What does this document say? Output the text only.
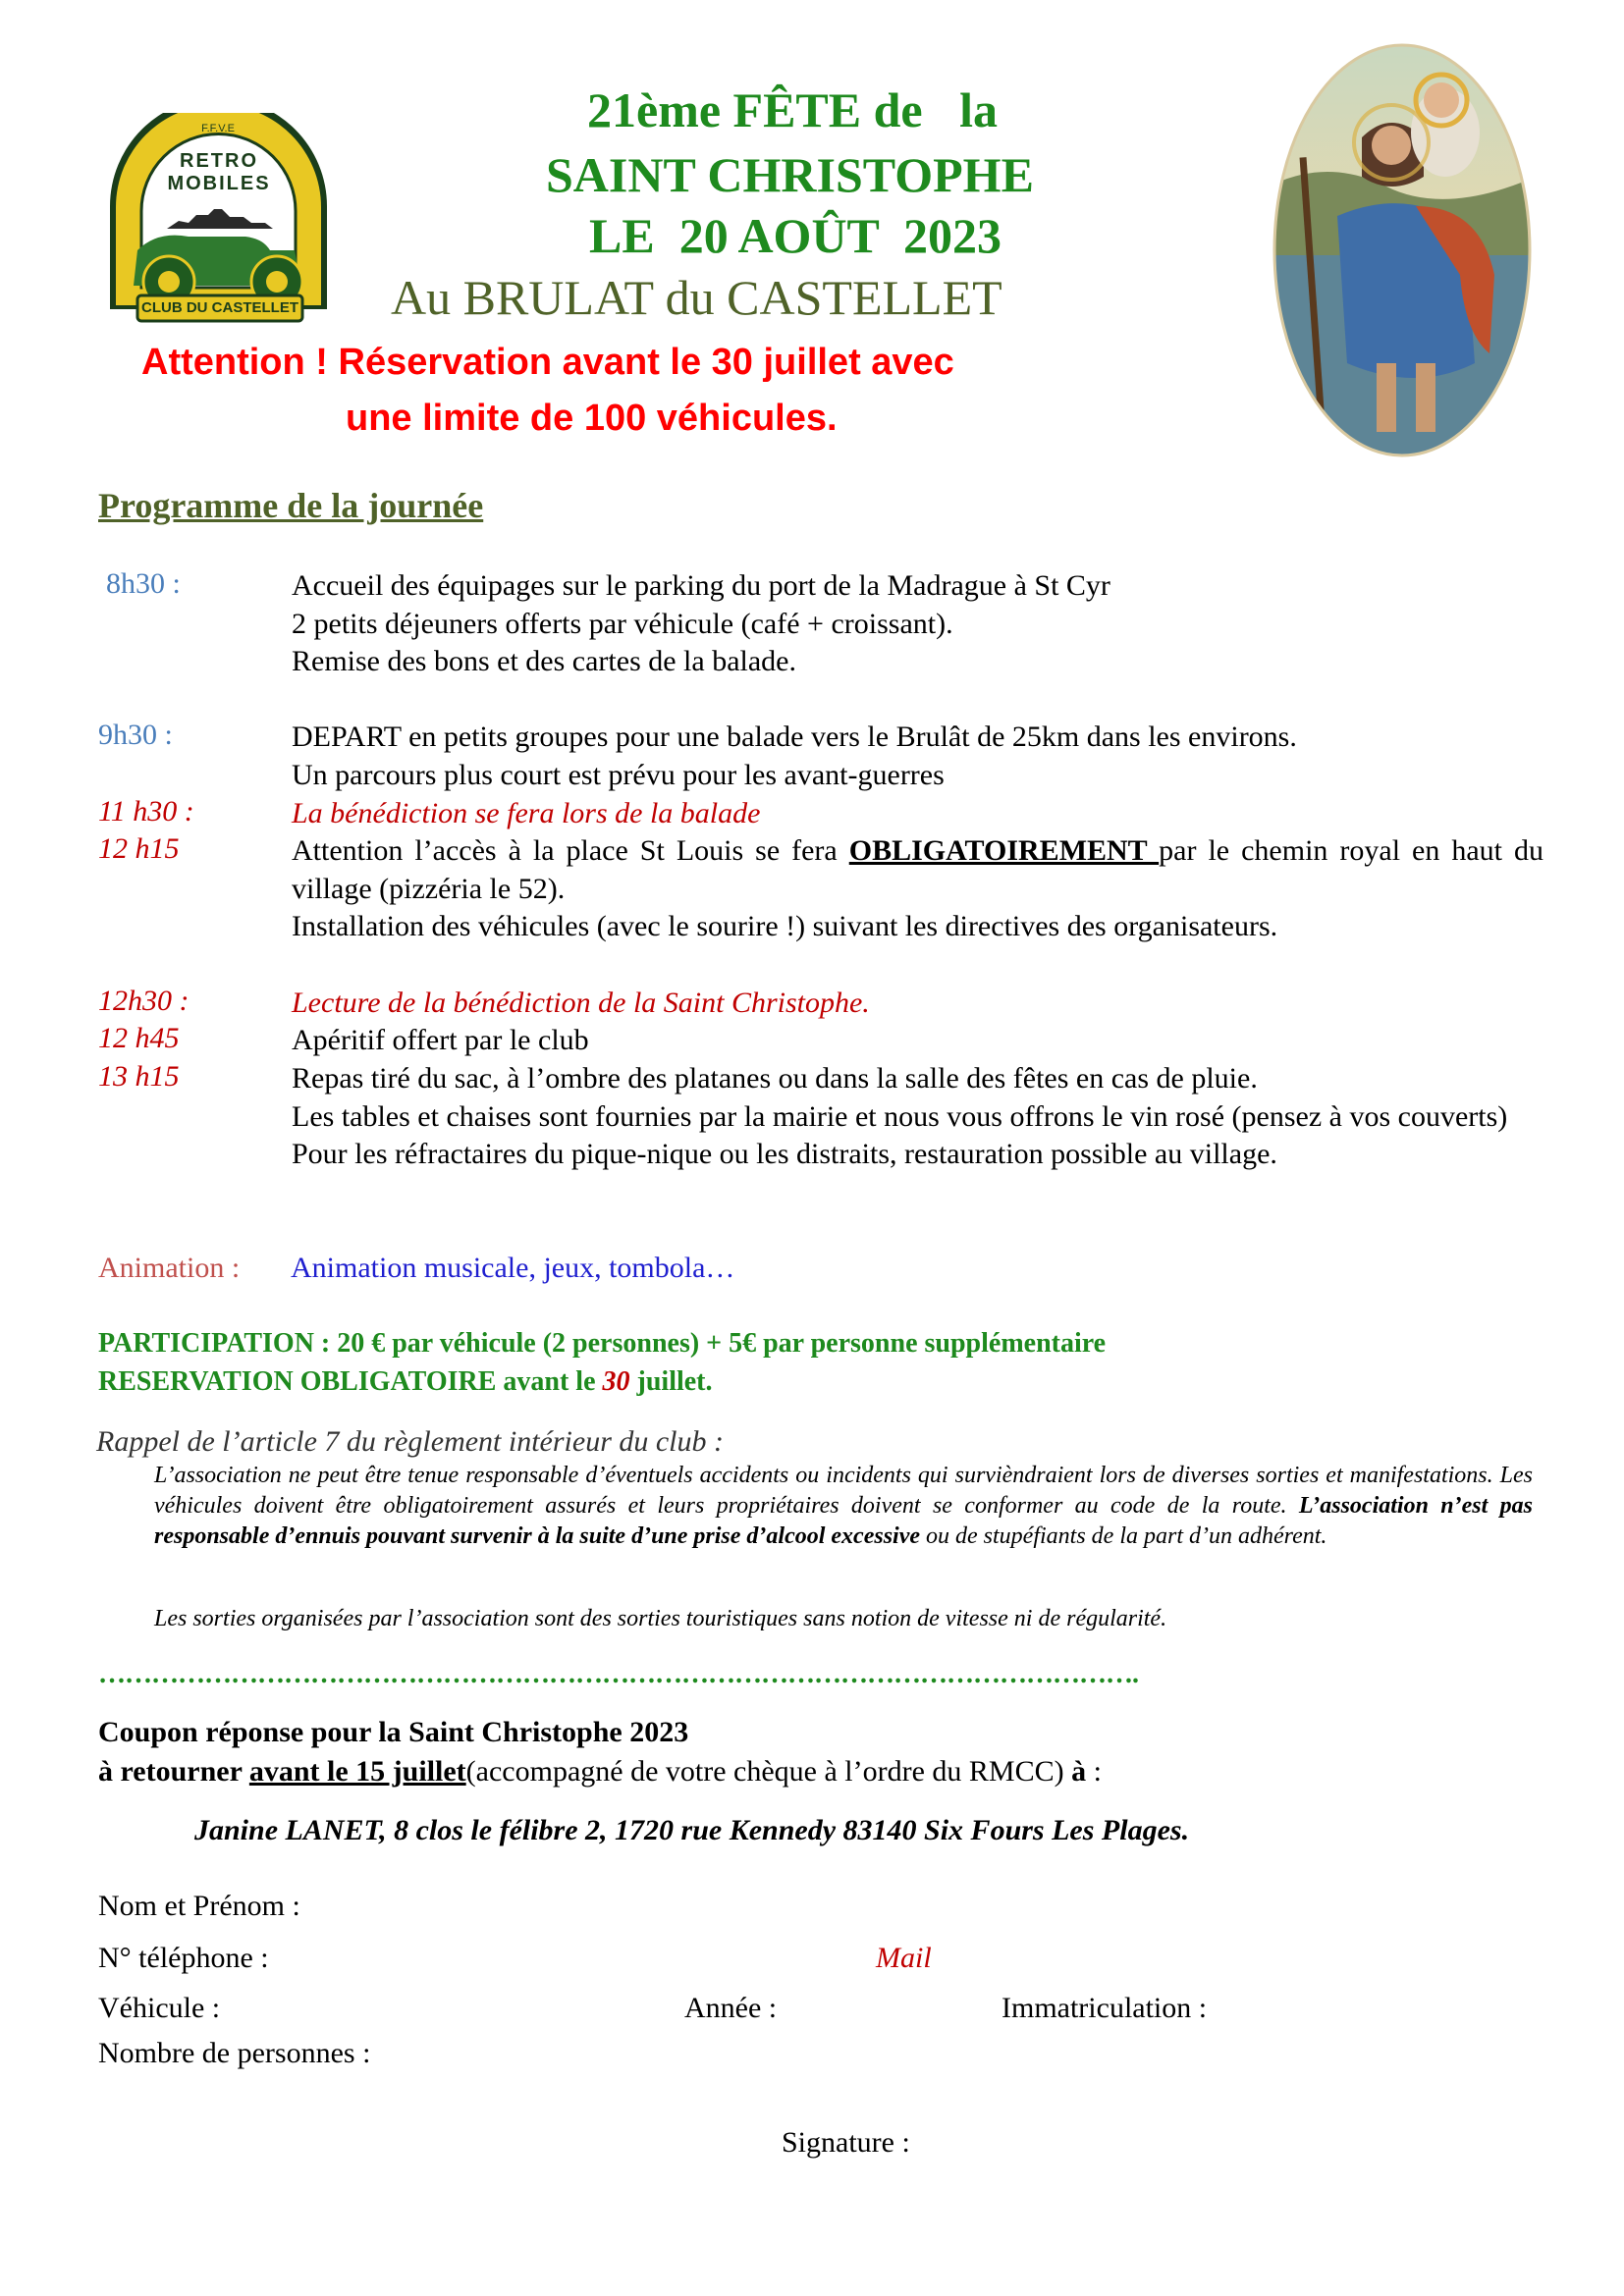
RETRO MOBILES
F.F.V.E
CLUB DU CASTELLET
21ème FÊTE de   la
SAINT CHRISTOPHE
LE  20 AOÛT  2023
Au BRULAT du CASTELLET
Attention ! Réservation avant le 30 juillet avec
une limite de 100 véhicules.
Programme de la journée
8h30 :	Accueil des équipages sur le parking du port de la Madrague à St Cyr
2 petits déjeuners offerts par véhicule (café + croissant).
Remise des bons et des cartes de la balade.
9h30 :	DEPART en petits groupes pour une balade vers le Brulât de 25km dans les environs.
Un parcours plus court est prévu pour les avant-guerres
11 h30 :	La bénédiction se fera lors de la balade
12 h15	Attention l’accès à la place St Louis se fera OBLIGATOIREMENT par le chemin royal en haut du village (pizzéria le 52).
Installation des véhicules (avec le sourire !) suivant les directives des organisateurs.
12h30 :	Lecture de la bénédiction de la Saint Christophe.
12 h45	Apéritif offert par le club
13 h15	Repas tiré du sac, à l’ombre des platanes ou dans la salle des fêtes en cas de pluie.
Les tables et chaises sont fournies par la mairie et nous vous offrons le vin rosé (pensez à vos couverts)
Pour les réfractaires du pique-nique ou les distraits, restauration possible au village.
Animation : Animation musicale, jeux, tombola…
PARTICIPATION : 20 € par véhicule (2 personnes) + 5€ par personne supplémentaire
RESERVATION OBLIGATOIRE avant le 30 juillet.
Rappel de l’article 7 du règlement intérieur du club :
L’association ne peut être tenue responsable d’éventuels accidents ou incidents qui survièndraient lors de diverses sorties et manifestations. Les véhicules doivent être obligatoirement assurés et leurs propriétaires doivent se conformer au code de la route. L’association n’est pas responsable d’ennuis pouvant survenir à la suite d’une prise d’alcool excessive ou de stupéfiants de la part d’un adhérent.
Les sorties organisées par l’association sont des sorties touristiques sans notion de vitesse ni de régularité.
……………………………………………………………………………………………………….
Coupon réponse pour la Saint Christophe 2023
à retourner avant le 15 juillet(accompagné de votre chèque à l’ordre du RMCC) à :
Janine LANET, 8 clos le félibre 2, 1720 rue Kennedy 83140 Six Fours Les Plages.
Nom et Prénom :
N° téléphone :	Mail
Véhicule :	Année :	Immatriculation :
Nombre de personnes :
Signature :
